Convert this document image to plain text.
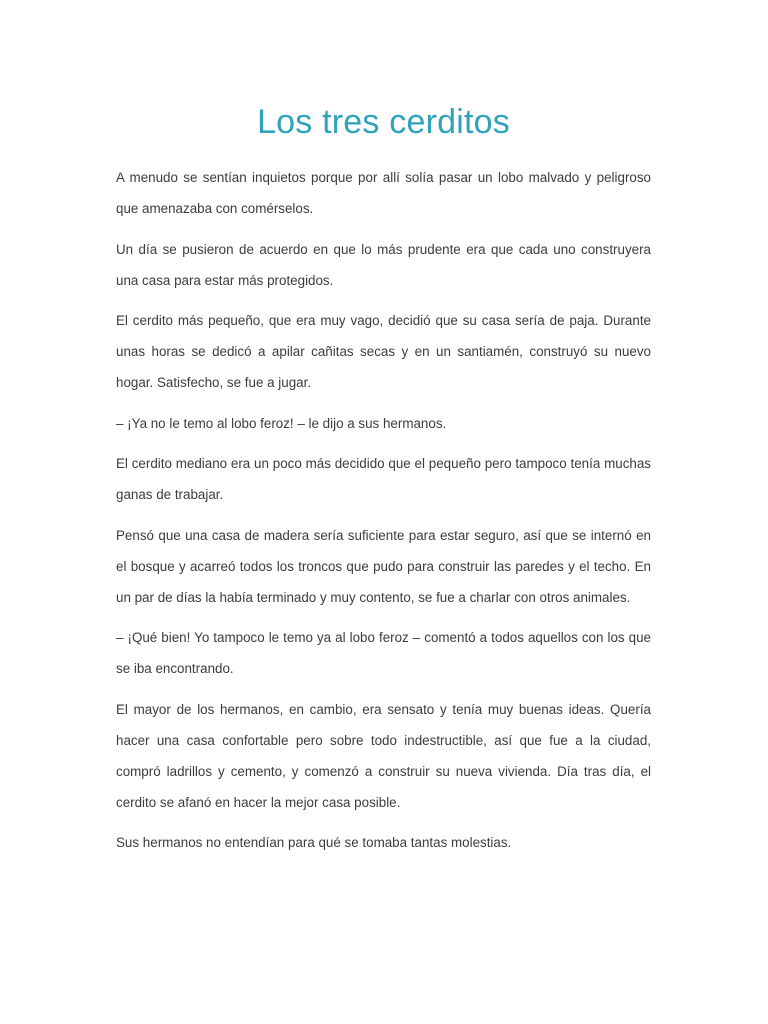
Los tres cerditos

A menudo se sentían inquietos porque por allí solía pasar un lobo malvado y peligroso que amenazaba con comérselos.

Un día se pusieron de acuerdo en que lo más prudente era que cada uno construyera una casa para estar más protegidos.

El cerdito más pequeño, que era muy vago, decidió que su casa sería de paja. Durante unas horas se dedicó a apilar cañitas secas y en un santiamén, construyó su nuevo hogar. Satisfecho, se fue a jugar.

– ¡Ya no le temo al lobo feroz! – le dijo a sus hermanos.

El cerdito mediano era un poco más decidido que el pequeño pero tampoco tenía muchas ganas de trabajar.

Pensó que una casa de madera sería suficiente para estar seguro, así que se internó en el bosque y acarreó todos los troncos que pudo para construir las paredes y el techo. En un par de días la había terminado y muy contento, se fue a charlar con otros animales.

– ¡Qué bien! Yo tampoco le temo ya al lobo feroz – comentó a todos aquellos con los que se iba encontrando.

El mayor de los hermanos, en cambio, era sensato y tenía muy buenas ideas. Quería hacer una casa confortable pero sobre todo indestructible, así que fue a la ciudad, compró ladrillos y cemento, y comenzó a construir su nueva vivienda. Día tras día, el cerdito se afanó en hacer la mejor casa posible.

Sus hermanos no entendían para qué se tomaba tantas molestias.
